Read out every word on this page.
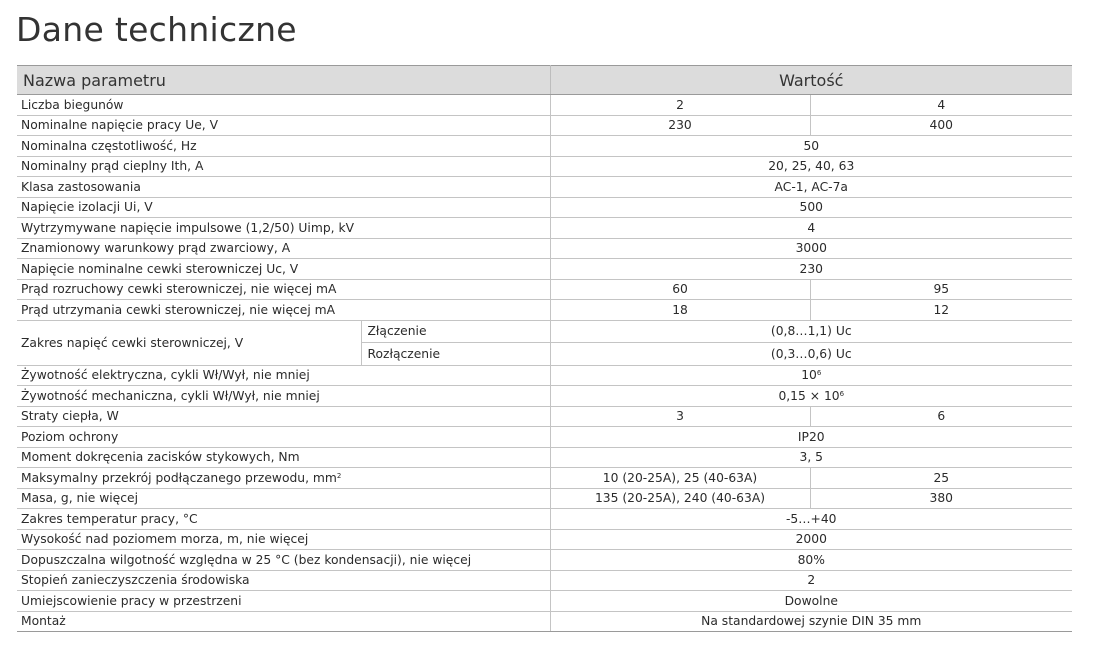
Dane techniczne
Nazwa parametru		Wartość	
Liczba biegunów		2	4
Nominalne napięcie pracy Ue, V		230	400
Nominalna częstotliwość, Hz		50	
Nominalny prąd cieplny Ith, A		20, 25, 40, 63	
Klasa zastosowania		AC-1, AC-7a	
Napięcie izolacji Ui, V		500	
Wytrzymywane napięcie impulsowe (1,2/50) Uimp, kV		4	
Znamionowy warunkowy prąd zwarciowy, A		3000	
Napięcie nominalne cewki sterowniczej Uc, V		230	
Prąd rozruchowy cewki sterowniczej, nie więcej mA		60	95
Prąd utrzymania cewki sterowniczej, nie więcej mA		18	12
Zakres napięć cewki sterowniczej, V	Złączenie	(0,8…1,1) Uc	
	Rozłączenie	(0,3…0,6) Uc	
Żywotność elektryczna, cykli Wł/Wył, nie mniej		$10^6$
Żywotność mechaniczna, cykli Wł/Wył, nie mniej		$0,15 \times 10^6$
Straty ciepła, W		3	6
Poziom ochrony		IP20	
Moment dokręcenia zacisków stykowych, Nm		3, 5	
Maksymalny przekrój podłączanego przewodu, $mm^2$		10 (20-25A), 25 (40-63A)	25
Masa, g, nie więcej		135 (20-25A), 240 (40-63A)	380
Zakres temperatur pracy, °C		-5…+40	
Wysokość nad poziomem morza, m, nie więcej		2000	
Dopuszczalna wilgotność względna w 25 °C (bez kondensacji), nie więcej		80%	
Stopień zanieczyszczenia środowiska		2	
Umiejscowienie pracy w przestrzeni		Dowolne	
Montaż		Na standardowej szynie DIN 35 mm	
